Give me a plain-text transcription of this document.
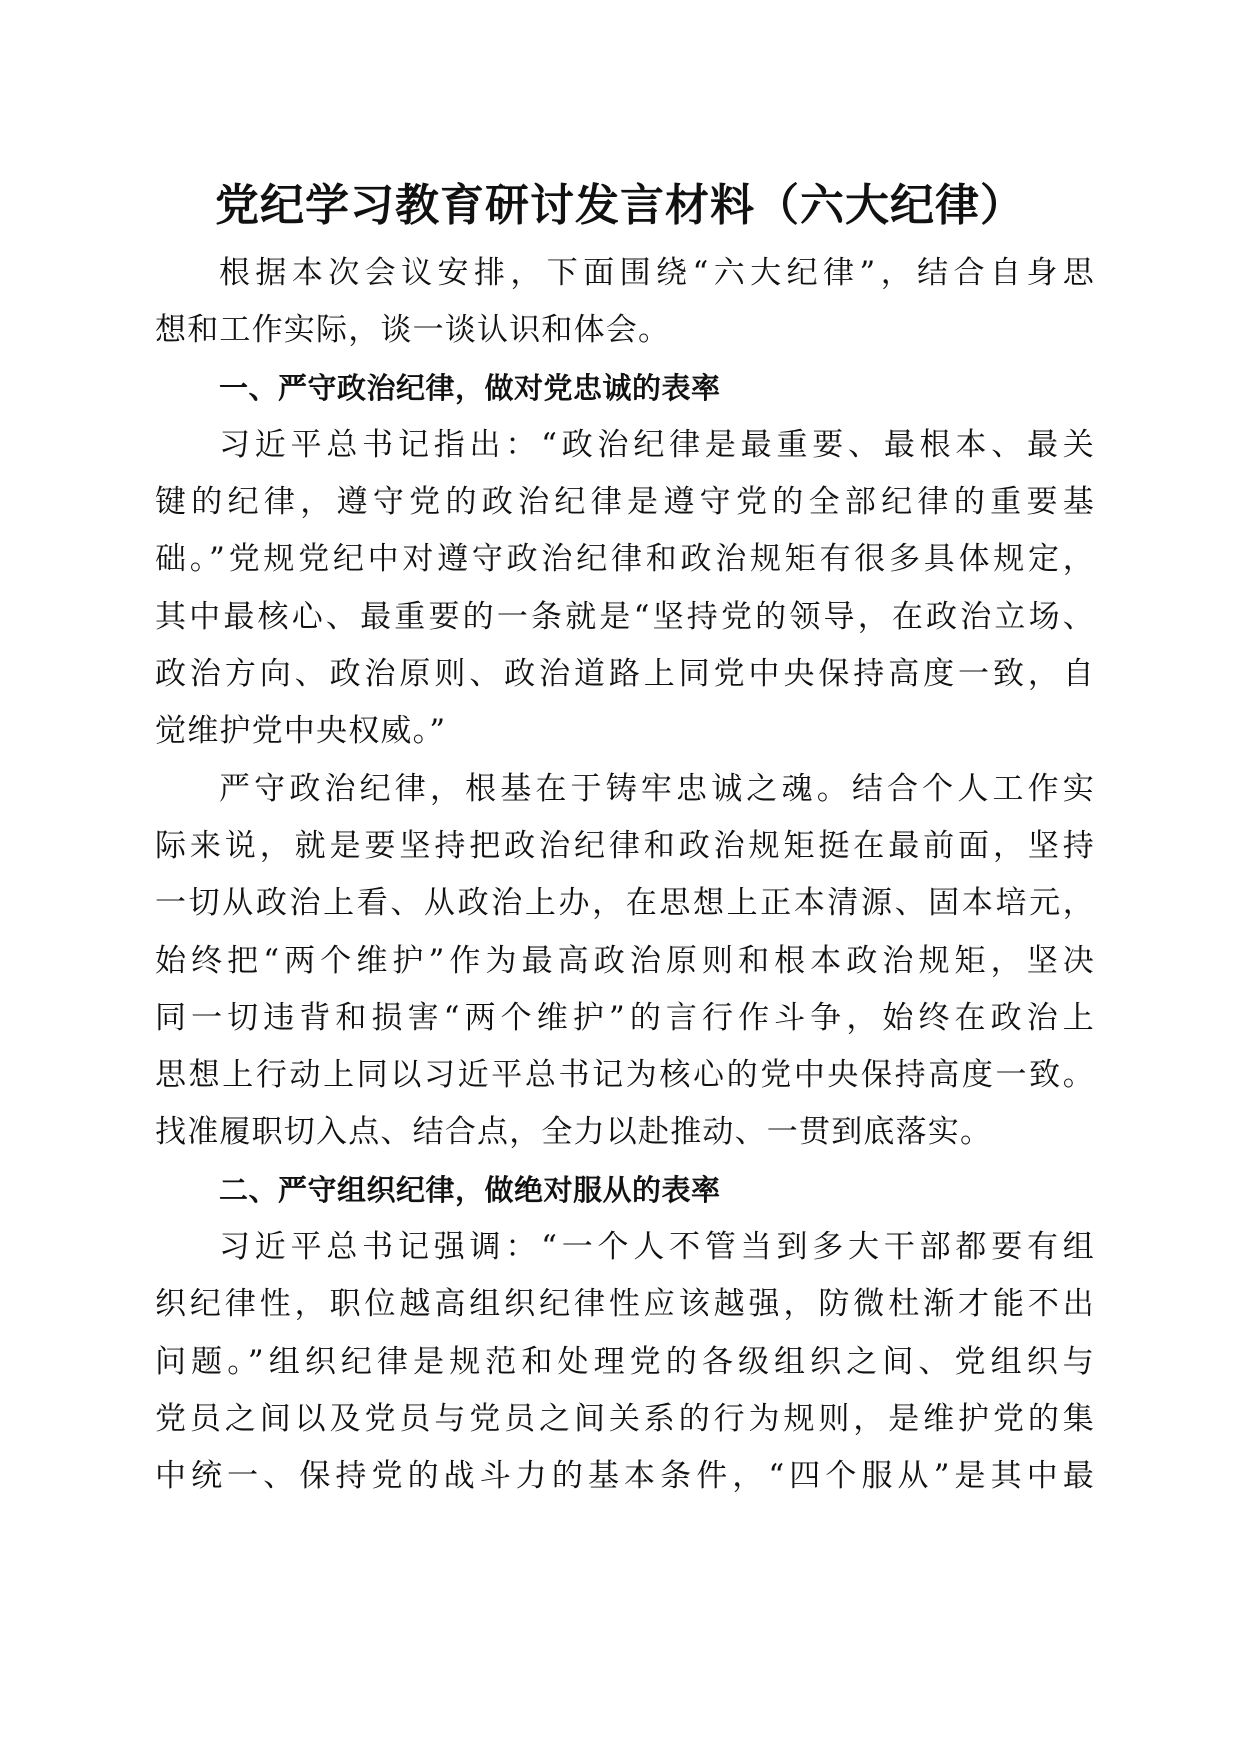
党纪学习教育研讨发言材料（六大纪律）
根据本次会议安排，下面围绕“六大纪律”，结合自身思
想和工作实际，谈一谈认识和体会。
一、严守政治纪律，做对党忠诚的表率
习近平总书记指出：“政治纪律是最重要、最根本、最关
键的纪律，遵守党的政治纪律是遵守党的全部纪律的重要基
础。”党规党纪中对遵守政治纪律和政治规矩有很多具体规定，
其中最核心、最重要的一条就是“坚持党的领导，在政治立场、
政治方向、政治原则、政治道路上同党中央保持高度一致，自
觉维护党中央权威。”
严守政治纪律，根基在于铸牢忠诚之魂。结合个人工作实
际来说，就是要坚持把政治纪律和政治规矩挺在最前面，坚持
一切从政治上看、从政治上办，在思想上正本清源、固本培元，
始终把“两个维护”作为最高政治原则和根本政治规矩，坚决
同一切违背和损害“两个维护”的言行作斗争，始终在政治上
思想上行动上同以习近平总书记为核心的党中央保持高度一致。
找准履职切入点、结合点，全力以赴推动、一贯到底落实。
二、严守组织纪律，做绝对服从的表率
习近平总书记强调：“一个人不管当到多大干部都要有组
织纪律性，职位越高组织纪律性应该越强，防微杜渐才能不出
问题。”组织纪律是规范和处理党的各级组织之间、党组织与
党员之间以及党员与党员之间关系的行为规则，是维护党的集
中统一、保持党的战斗力的基本条件，“四个服从”是其中最
